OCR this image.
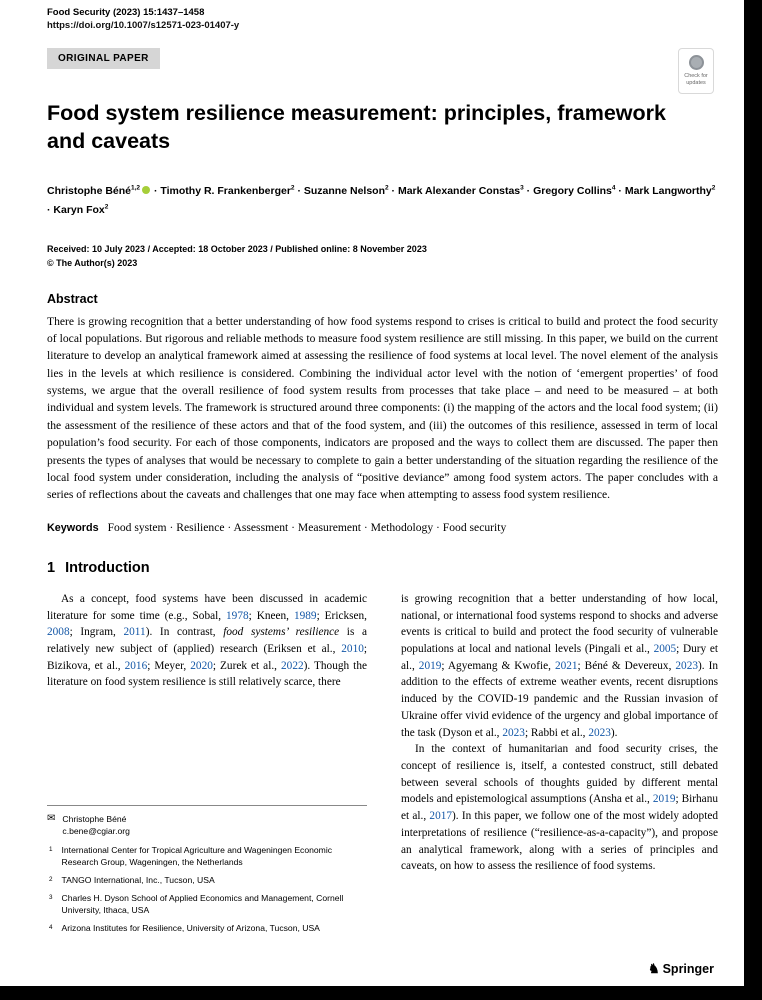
Food Security (2023) 15:1437–1458
https://doi.org/10.1007/s12571-023-01407-y
ORIGINAL PAPER
Check for updates
Food system resilience measurement: principles, framework and caveats
Christophe Béné$^{1,2}$ · Timothy R. Frankenberger$^2$ · Suzanne Nelson$^2$ · Mark Alexander Constas$^3$ · Gregory Collins$^4$ · Mark Langworthy$^2$ · Karyn Fox$^2$
Received: 10 July 2023 / Accepted: 18 October 2023 / Published online: 8 November 2023
© The Author(s) 2023
Abstract
There is growing recognition that a better understanding of how food systems respond to crises is critical to build and protect the food security of local populations. But rigorous and reliable methods to measure food system resilience are still missing. In this paper, we build on the current literature to develop an analytical framework aimed at assessing the resilience of food systems at local level. The novel element of the analysis lies in the levels at which resilience is considered. Combining the individual actor level with the notion of ‘emergent properties’ of food systems, we argue that the overall resilience of food system results from processes that take place – and need to be measured – at both individual and system levels. The framework is structured around three components: (i) the mapping of the actors and the local food system; (ii) the assessment of the resilience of these actors and that of the food system, and (iii) the outcomes of this resilience, assessed in term of local population’s food security. For each of those components, indicators are proposed and the ways to collect them are discussed. The paper then presents the types of analyses that would be necessary to complete to gain a better understanding of the situation regarding the resilience of the local food system under consideration, including the analysis of “positive deviance” among food system actors. The paper concludes with a series of reflections about the caveats and challenges that one may face when attempting to assess food system resilience.
Keywords Food system · Resilience · Assessment · Measurement · Methodology · Food security
1 Introduction
As a concept, food systems have been discussed in academic literature for some time (e.g., Sobal, 1978; Kneen, 1989; Ericksen, 2008; Ingram, 2011). In contrast, food systems’ resilience is a relatively new subject of (applied) research (Eriksen et al., 2010; Bizikova, et al., 2016; Meyer, 2020; Zurek et al., 2022). Though the literature on food system resilience is still relatively scarce, there
✉ Christophe Béné
c.bene@cgiar.org
1 International Center for Tropical Agriculture and Wageningen Economic Research Group, Wageningen, the Netherlands
2 TANGO International, Inc., Tucson, USA
3 Charles H. Dyson School of Applied Economics and Management, Cornell University, Ithaca, USA
4 Arizona Institutes for Resilience, University of Arizona, Tucson, USA
is growing recognition that a better understanding of how local, national, or international food systems respond to shocks and adverse events is critical to build and protect the food security of vulnerable populations at local and national levels (Pingali et al., 2005; Dury et al., 2019; Agyemang & Kwofie, 2021; Béné & Devereux, 2023). In addition to the effects of extreme weather events, recent disruptions induced by the COVID-19 pandemic and the Russian invasion of Ukraine offer vivid evidence of the urgency and global importance of the task (Dyson et al., 2023; Rabbi et al., 2023).
In the context of humanitarian and food security crises, the concept of resilience is, itself, a contested construct, still debated between several schools of thoughts guided by different mental models and epistemological assumptions (Ansha et al., 2019; Birhanu et al., 2017). In this paper, we follow one of the most widely adopted interpretations of resilience (“resilience-as-a-capacity”), and propose an analytical framework, along with a series of principles and caveats, on how to assess the resilience of food systems.
♞ Springer
